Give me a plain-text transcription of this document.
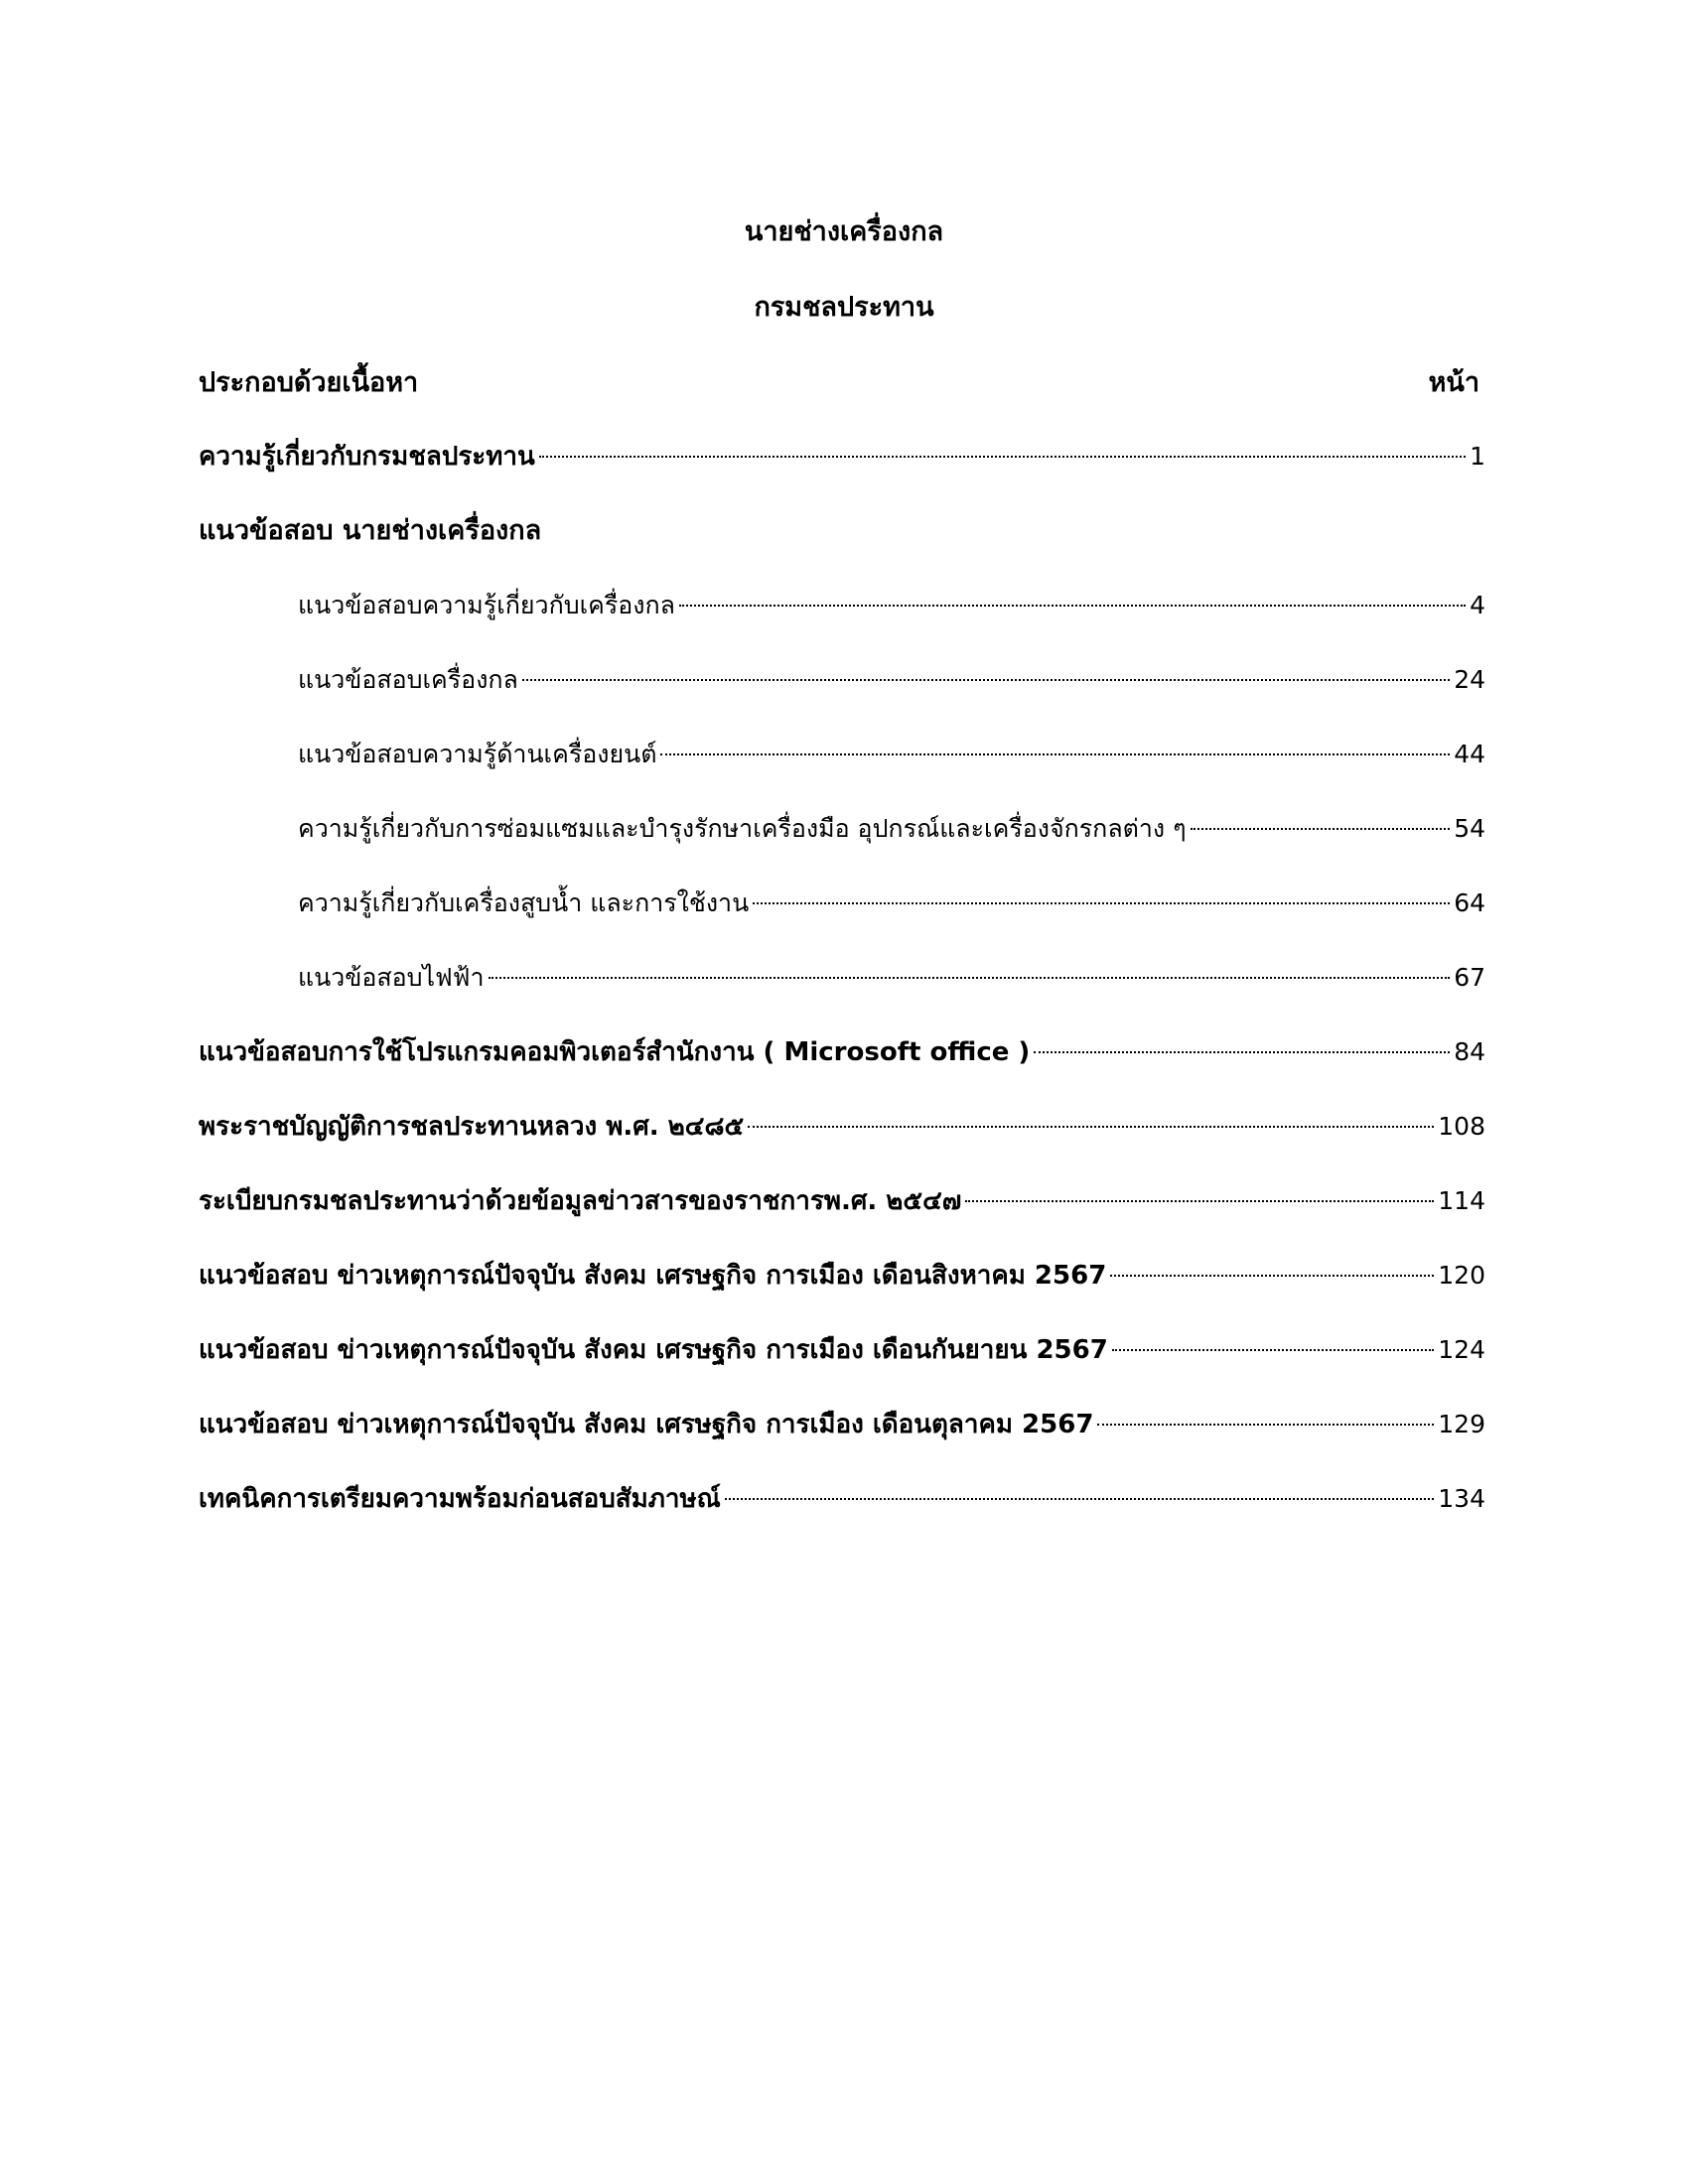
นายช่างเครื่องกล
กรมชลประทาน
ประกอบด้วยเนื้อหา	หน้า
ความรู้เกี่ยวกับกรมชลประทาน	1
แนวข้อสอบ นายช่างเครื่องกล
แนวข้อสอบความรู้เกี่ยวกับเครื่องกล	4
แนวข้อสอบเครื่องกล	24
แนวข้อสอบความรู้ด้านเครื่องยนต์	44
ความรู้เกี่ยวกับการซ่อมแซมและบำรุงรักษาเครื่องมือ อุปกรณ์และเครื่องจักรกลต่าง ๆ	54
ความรู้เกี่ยวกับเครื่องสูบน้ำ และการใช้งาน	64
แนวข้อสอบไฟฟ้า	67
แนวข้อสอบการใช้โปรแกรมคอมพิวเตอร์สำนักงาน ( Microsoft office )	84
พระราชบัญญัติการชลประทานหลวง พ.ศ. ๒๔๘๕	108
ระเบียบกรมชลประทานว่าด้วยข้อมูลข่าวสารของราชการพ.ศ. ๒๕๔๗	114
แนวข้อสอบ ข่าวเหตุการณ์ปัจจุบัน สังคม เศรษฐกิจ การเมือง เดือนสิงหาคม 2567	120
แนวข้อสอบ ข่าวเหตุการณ์ปัจจุบัน สังคม เศรษฐกิจ การเมือง เดือนกันยายน 2567	124
แนวข้อสอบ ข่าวเหตุการณ์ปัจจุบัน สังคม เศรษฐกิจ การเมือง เดือนตุลาคม 2567	129
เทคนิคการเตรียมความพร้อมก่อนสอบสัมภาษณ์	134
